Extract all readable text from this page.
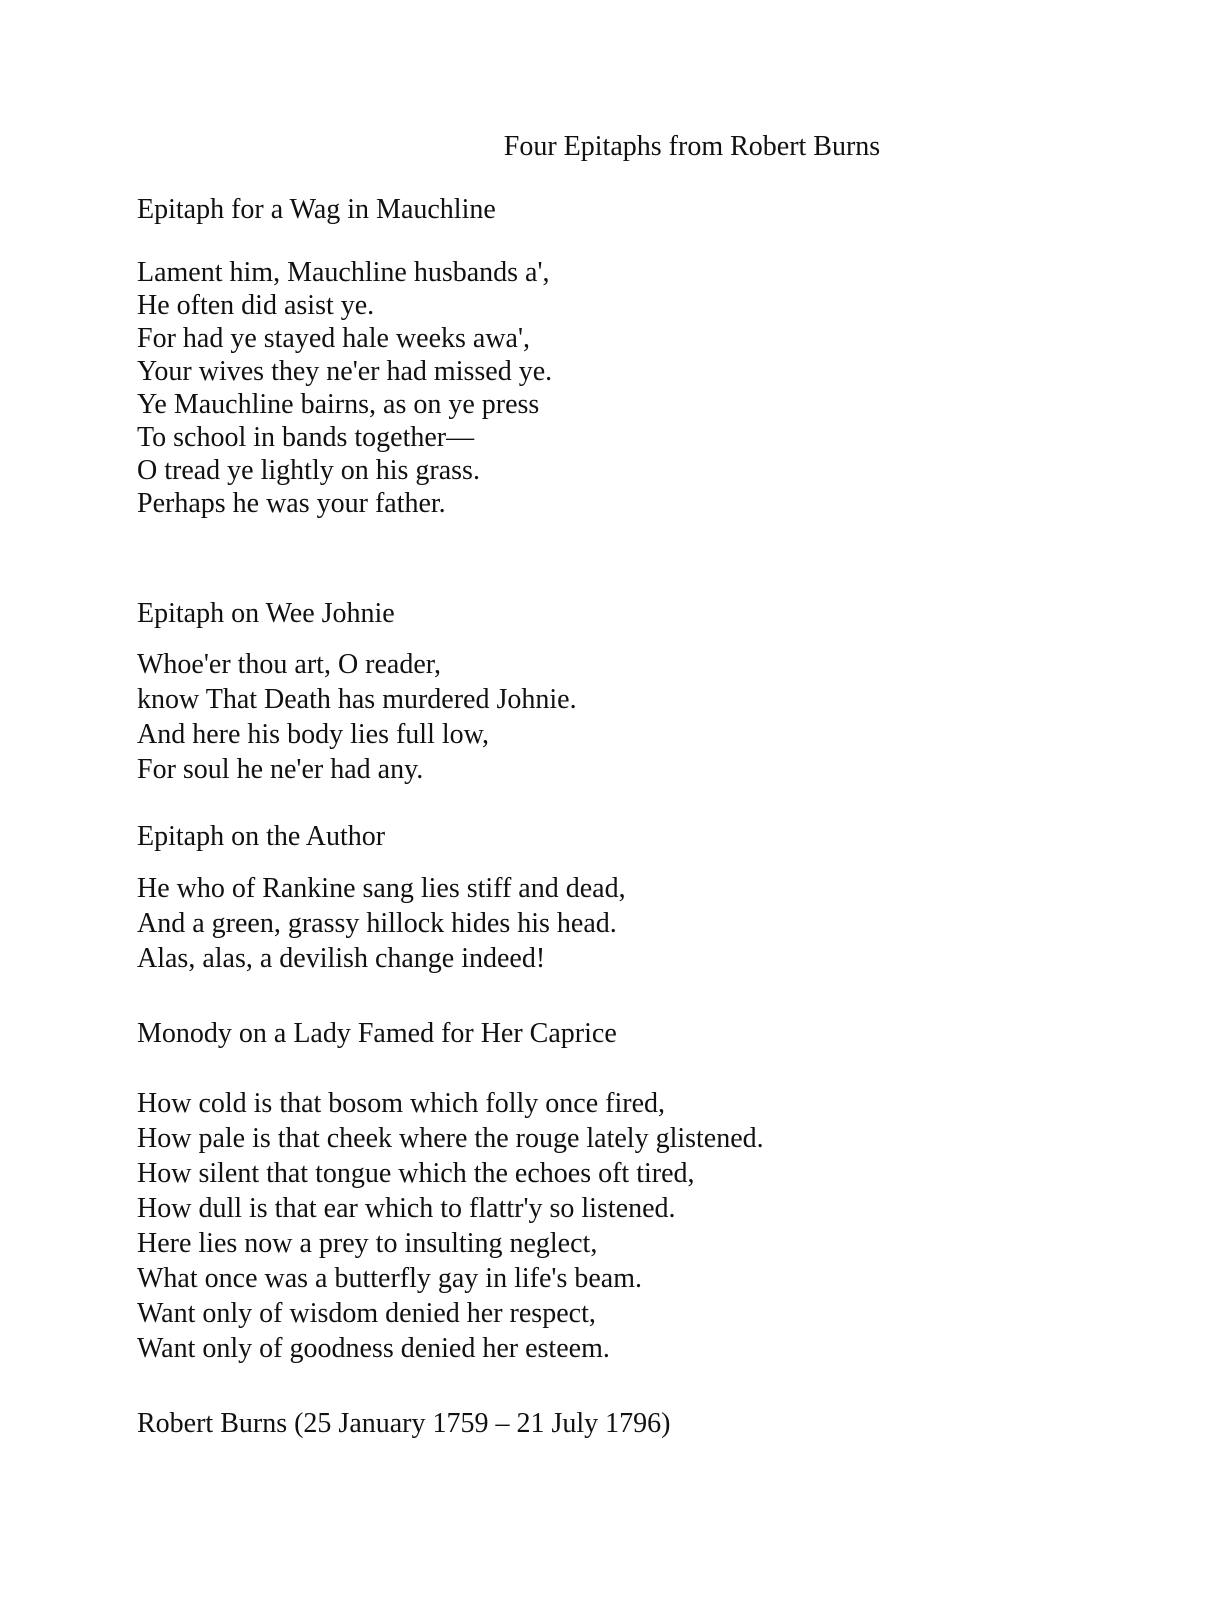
Four Epitaphs from Robert Burns
Epitaph for a Wag in Mauchline
Lament him, Mauchline husbands a',
He often did asist ye.
For had ye stayed hale weeks awa',
Your wives they ne'er had missed ye.
Ye Mauchline bairns, as on ye press
To school in bands together—
O tread ye lightly on his grass.
Perhaps he was your father.
Epitaph on Wee Johnie
Whoe'er thou art, O reader,
know That Death has murdered Johnie.
And here his body lies full low,
For soul he ne'er had any.
Epitaph on the Author
He who of Rankine sang lies stiff and dead,
And a green, grassy hillock hides his head.
Alas, alas, a devilish change indeed!
Monody on a Lady Famed for Her Caprice
How cold is that bosom which folly once fired,
How pale is that cheek where the rouge lately glistened.
How silent that tongue which the echoes oft tired,
How dull is that ear which to flattr'y so listened.
Here lies now a prey to insulting neglect,
What once was a butterfly gay in life's beam.
Want only of wisdom denied her respect,
Want only of goodness denied her esteem.
Robert Burns (25 January 1759 – 21 July 1796)
